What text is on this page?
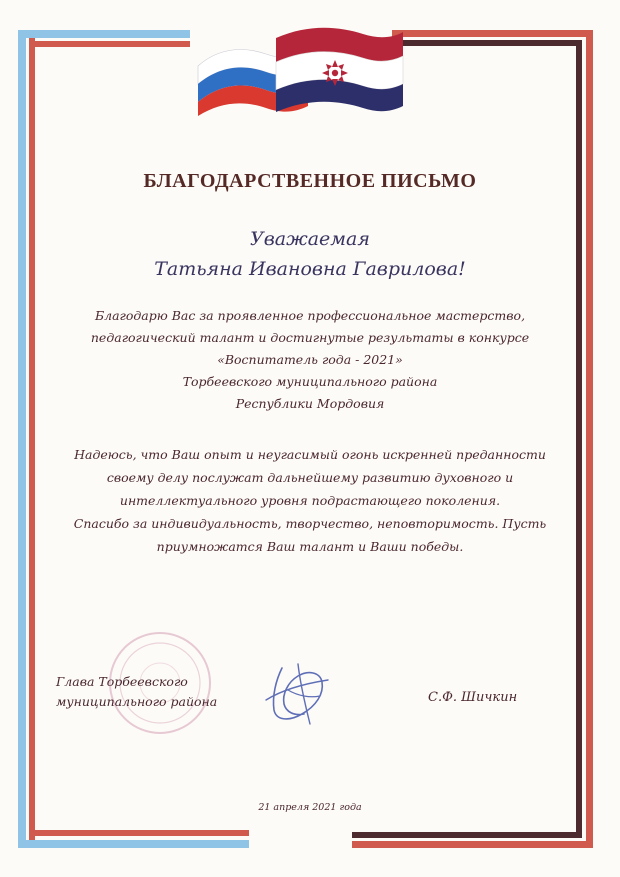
БЛАГОДАРСТВЕННОЕ ПИСЬМО
Уважаемая
Татьяна Ивановна Гаврилова!
Благодарю Вас за проявленное профессиональное мастерство,
педагогический талант и достигнутые результаты в конкурсе
«Воспитатель года - 2021»
Торбеевского муниципального района
Республики Мордовия
Надеюсь, что Ваш опыт и неугасимый огонь искренней преданности
своему делу послужат дальнейшему развитию духовного и
интеллектуального уровня подрастающего поколения.
Спасибо за индивидуальность, творчество, неповторимость. Пусть
приумножатся Ваш талант и Ваши победы.
Глава Торбеевского
муниципального района	С.Ф. Шичкин
21 апреля 2021 года
